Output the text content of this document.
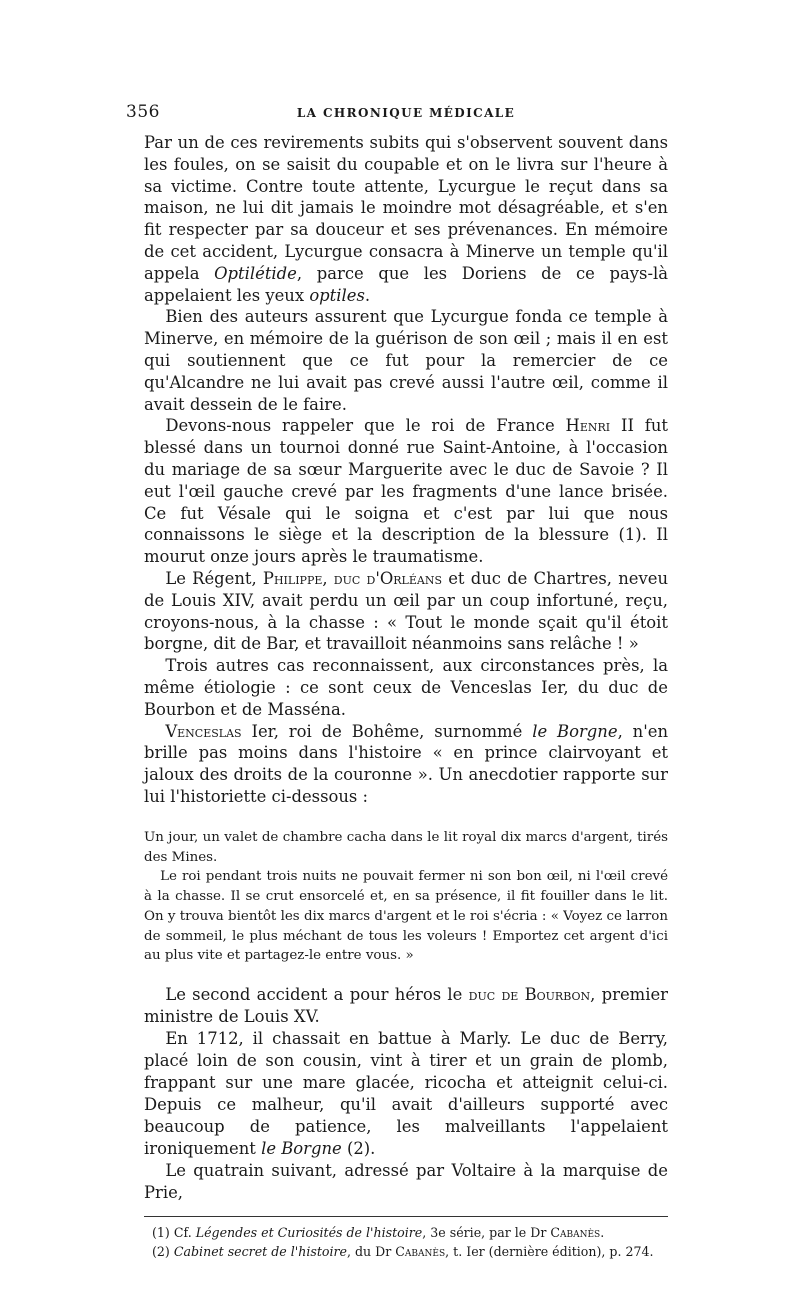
356	LA CHRONIQUE MÉDICALE

Par un de ces revirements subits qui s'observent souvent dans les foules, on se saisit du coupable et on le livra sur l'heure à sa victime. Contre toute attente, Lycurgue le reçut dans sa maison, ne lui dit jamais le moindre mot désagréable, et s'en fit respecter par sa douceur et ses prévenances. En mémoire de cet accident, Lycurgue consacra à Minerve un temple qu'il appela Optilétide, parce que les Doriens de ce pays-là appelaient les yeux optiles.

Bien des auteurs assurent que Lycurgue fonda ce temple à Minerve, en mémoire de la guérison de son œil ; mais il en est qui soutiennent que ce fut pour la remercier de ce qu'Alcandre ne lui avait pas crevé aussi l'autre œil, comme il avait dessein de le faire.

Devons-nous rappeler que le roi de France Henri II fut blessé dans un tournoi donné rue Saint-Antoine, à l'occasion du mariage de sa sœur Marguerite avec le duc de Savoie ? Il eut l'œil gauche crevé par les fragments d'une lance brisée. Ce fut Vésale qui le soigna et c'est par lui que nous connaissons le siège et la description de la blessure (1). Il mourut onze jours après le traumatisme.

Le Régent, Philippe, duc d'Orléans et duc de Chartres, neveu de Louis XIV, avait perdu un œil par un coup infortuné, reçu, croyons-nous, à la chasse : « Tout le monde sçait qu'il étoit borgne, dit de Bar, et travailloit néanmoins sans relâche ! »

Trois autres cas reconnaissent, aux circonstances près, la même étiologie : ce sont ceux de Venceslas Ier, du duc de Bourbon et de Masséna.

Venceslas Ier, roi de Bohême, surnommé le Borgne, n'en brille pas moins dans l'histoire « en prince clairvoyant et jaloux des droits de la couronne ». Un anecdotier rapporte sur lui l'historiette ci-dessous :

Un jour, un valet de chambre cacha dans le lit royal dix marcs d'argent, tirés des Mines.

Le roi pendant trois nuits ne pouvait fermer ni son bon œil, ni l'œil crevé à la chasse. Il se crut ensorcelé et, en sa présence, il fit fouiller dans le lit. On y trouva bientôt les dix marcs d'argent et le roi s'écria : « Voyez ce larron de sommeil, le plus méchant de tous les voleurs ! Emportez cet argent d'ici au plus vite et partagez-le entre vous. »

Le second accident a pour héros le duc de Bourbon, premier ministre de Louis XV.

En 1712, il chassait en battue à Marly. Le duc de Berry, placé loin de son cousin, vint à tirer et un grain de plomb, frappant sur une mare glacée, ricocha et atteignit celui-ci. Depuis ce malheur, qu'il avait d'ailleurs supporté avec beaucoup de patience, les malveillants l'appelaient ironiquement le Borgne (2).

Le quatrain suivant, adressé par Voltaire à la marquise de Prie,

(1) Cf. Légendes et Curiosités de l'histoire, 3e série, par le Dr Cabanès.

(2) Cabinet secret de l'histoire, du Dr Cabanès, t. Ier (dernière édition), p. 274.
